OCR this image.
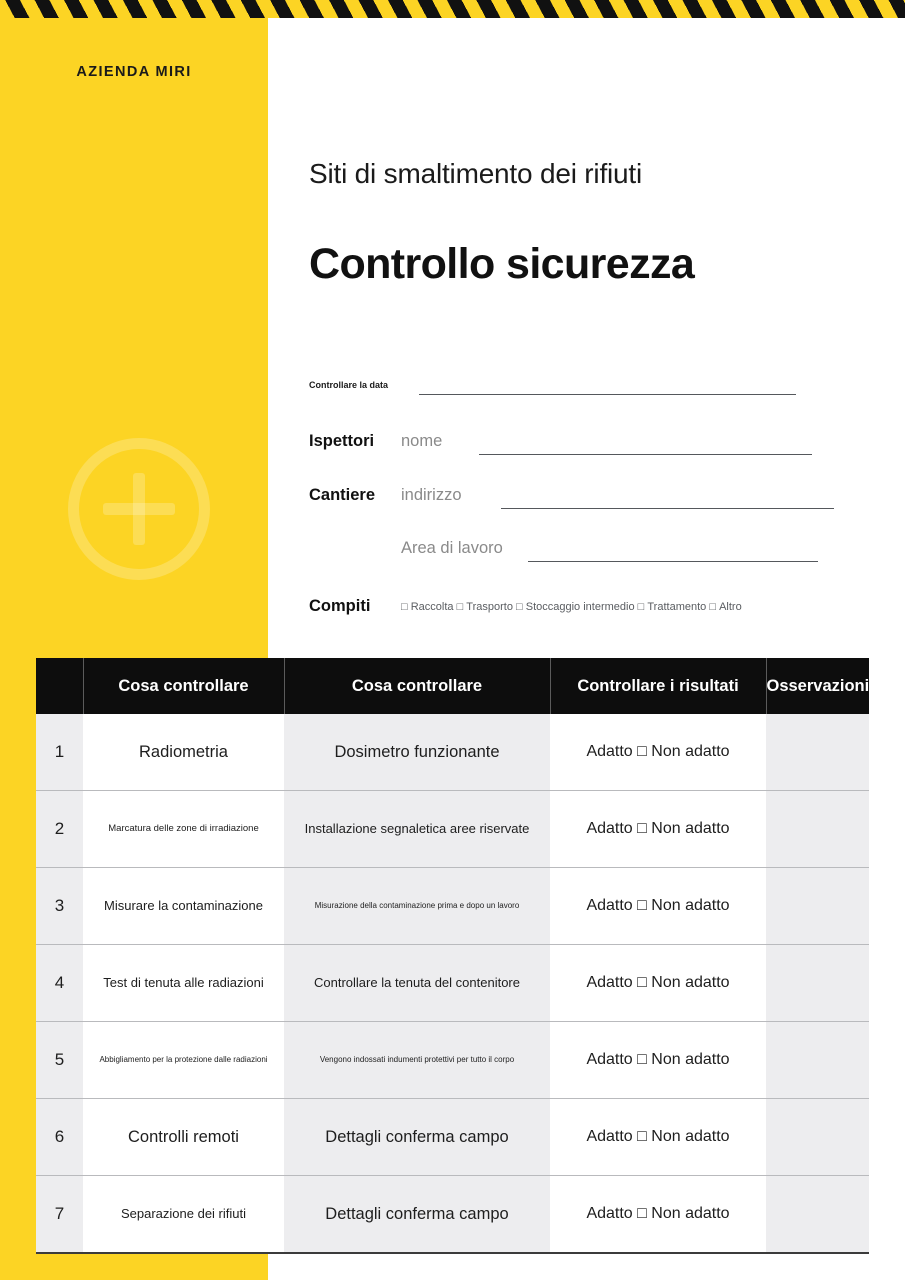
AZIENDA MIRI
Siti di smaltimento dei rifiuti
Controllo sicurezza
Controllare la data
Ispettori nome
Cantiere indirizzo
Area di lavoro
Compiti	□ Raccolta □ Trasporto □ Stoccaggio intermedio □ Trattamento □ Altro
	Cosa controllare	Cosa controllare	Controllare i risultati	Osservazioni
1	Radiometria	Dosimetro funzionante	Adatto □ Non adatto	

2	Marcatura delle zone di irradiazione	Installazione segnaletica aree riservate	Adatto □ Non adatto	

3	Misurare la contaminazione	Misurazione della contaminazione prima e dopo un lavoro	Adatto □ Non adatto	

4	Test di tenuta alle radiazioni	Controllare la tenuta del contenitore	Adatto □ Non adatto	

5	Abbigliamento per la protezione dalle radiazioni	Vengono indossati indumenti protettivi per tutto il corpo	Adatto □ Non adatto	

6	Controlli remoti	Dettagli conferma campo	Adatto □ Non adatto	

7	Separazione dei rifiuti	Dettagli conferma campo	Adatto □ Non adatto	
